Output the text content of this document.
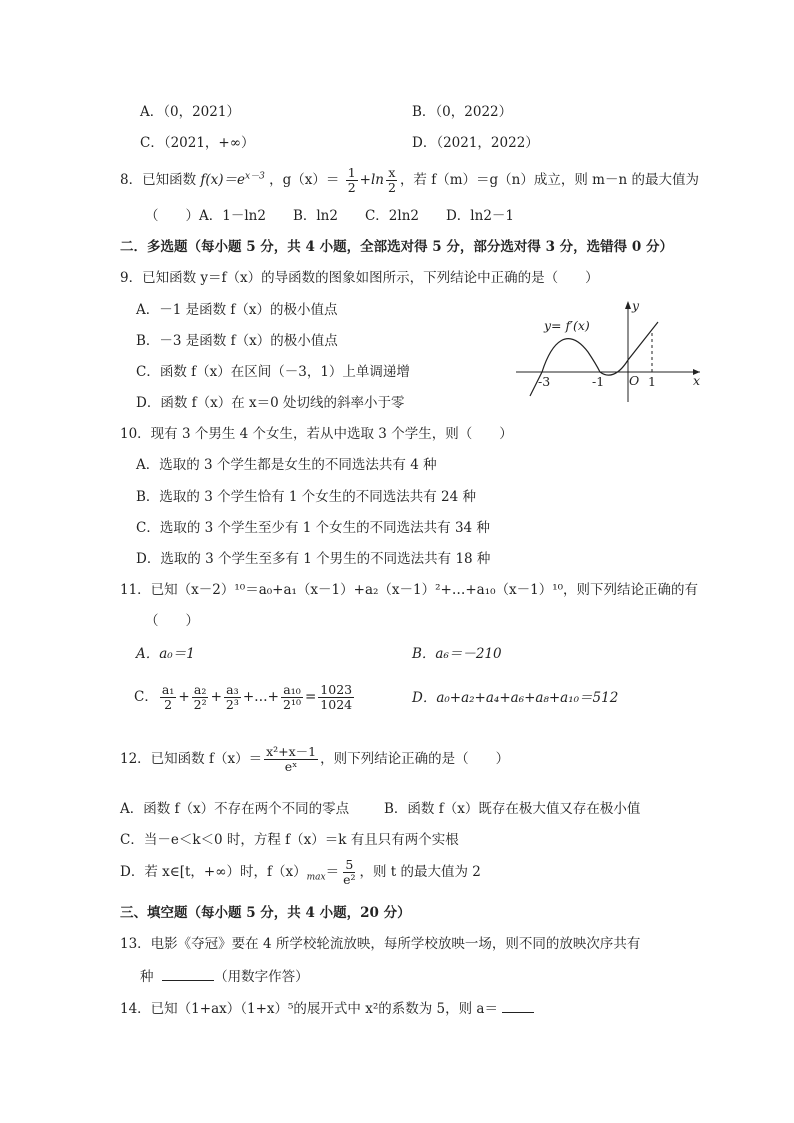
A．（0，2021）	B．（0，2022）
C．（2021，+∞）	D．（2021，2022）
8．已知函数 $f(x)=e^{x-3}$ ，$g(x)= \frac{1}{2} +\ln \frac{x}{2}$ ，若 f（m）＝g（n）成立，则 m－n 的最大值为
（　　）A．1－ln2　　B．ln2　　C．2ln2　　D．ln2－1
二．多选题（每小题 5 分，共 4 小题，全部选对得 5 分，部分选对得 3 分，选错得 0 分）
9．已知函数 y＝f（x）的导函数的图象如图所示，下列结论中正确的是（　　）
A．－1 是函数 f（x）的极小值点
B．－3 是函数 f（x）的极小值点
C．函数 f（x）在区间（－3，1）上单调递增
D．函数 f（x）在 x＝0 处切线的斜率小于零
y= f′(x)
y
x
O
-3	-1	1
10．现有 3 个男生 4 个女生，若从中选取 3 个学生，则（　　）
A．选取的 3 个学生都是女生的不同选法共有 4 种
B．选取的 3 个学生恰有 1 个女生的不同选法共有 24 种
C．选取的 3 个学生至少有 1 个女生的不同选法共有 34 种
D．选取的 3 个学生至多有 1 个男生的不同选法共有 18 种
11．已知（x－2）¹⁰＝a₀+a₁（x－1）+a₂（x－1）²+…+a₁₀（x－1）¹⁰，则下列结论正确的有
（　　）
A．a₀＝1	B．a₆＝－210
C． $\frac{\text{a₁}}{2} + \frac{\text{a₂}}{\text{2²}} + \frac{\text{a₃}}{\text{2³}}$ +…+ $\frac{\text{a₁₀}}{\text{2¹⁰}} = \frac{1023}{1024}$	D．a₀+a₂+a₄+a₆+a₈+a₁₀＝512
12．已知函数 $f(x)= \frac{\text{x²+x－1}}{\text{eˣ}}$ ，则下列结论正确的是（　　）
A．函数 f（x）不存在两个不同的零点	B．函数 f（x）既存在极大值又存在极小值
C．当－e＜k＜0 时，方程 f（x）＝k 有且只有两个实根
D．若 x∈[t，+∞）时，$f(x)_{max}= \frac{5}{\text{e²}}$ ，则 t 的最大值为 2
三、填空题（每小题 5 分，共 4 小题，20 分）
13．电影《夺冠》要在 4 所学校轮流放映，每所学校放映一场，则不同的放映次序共有
种	（用数字作答）
14．已知（1+ax）（1+x）⁵的展开式中 x²的系数为 5，则 a＝
